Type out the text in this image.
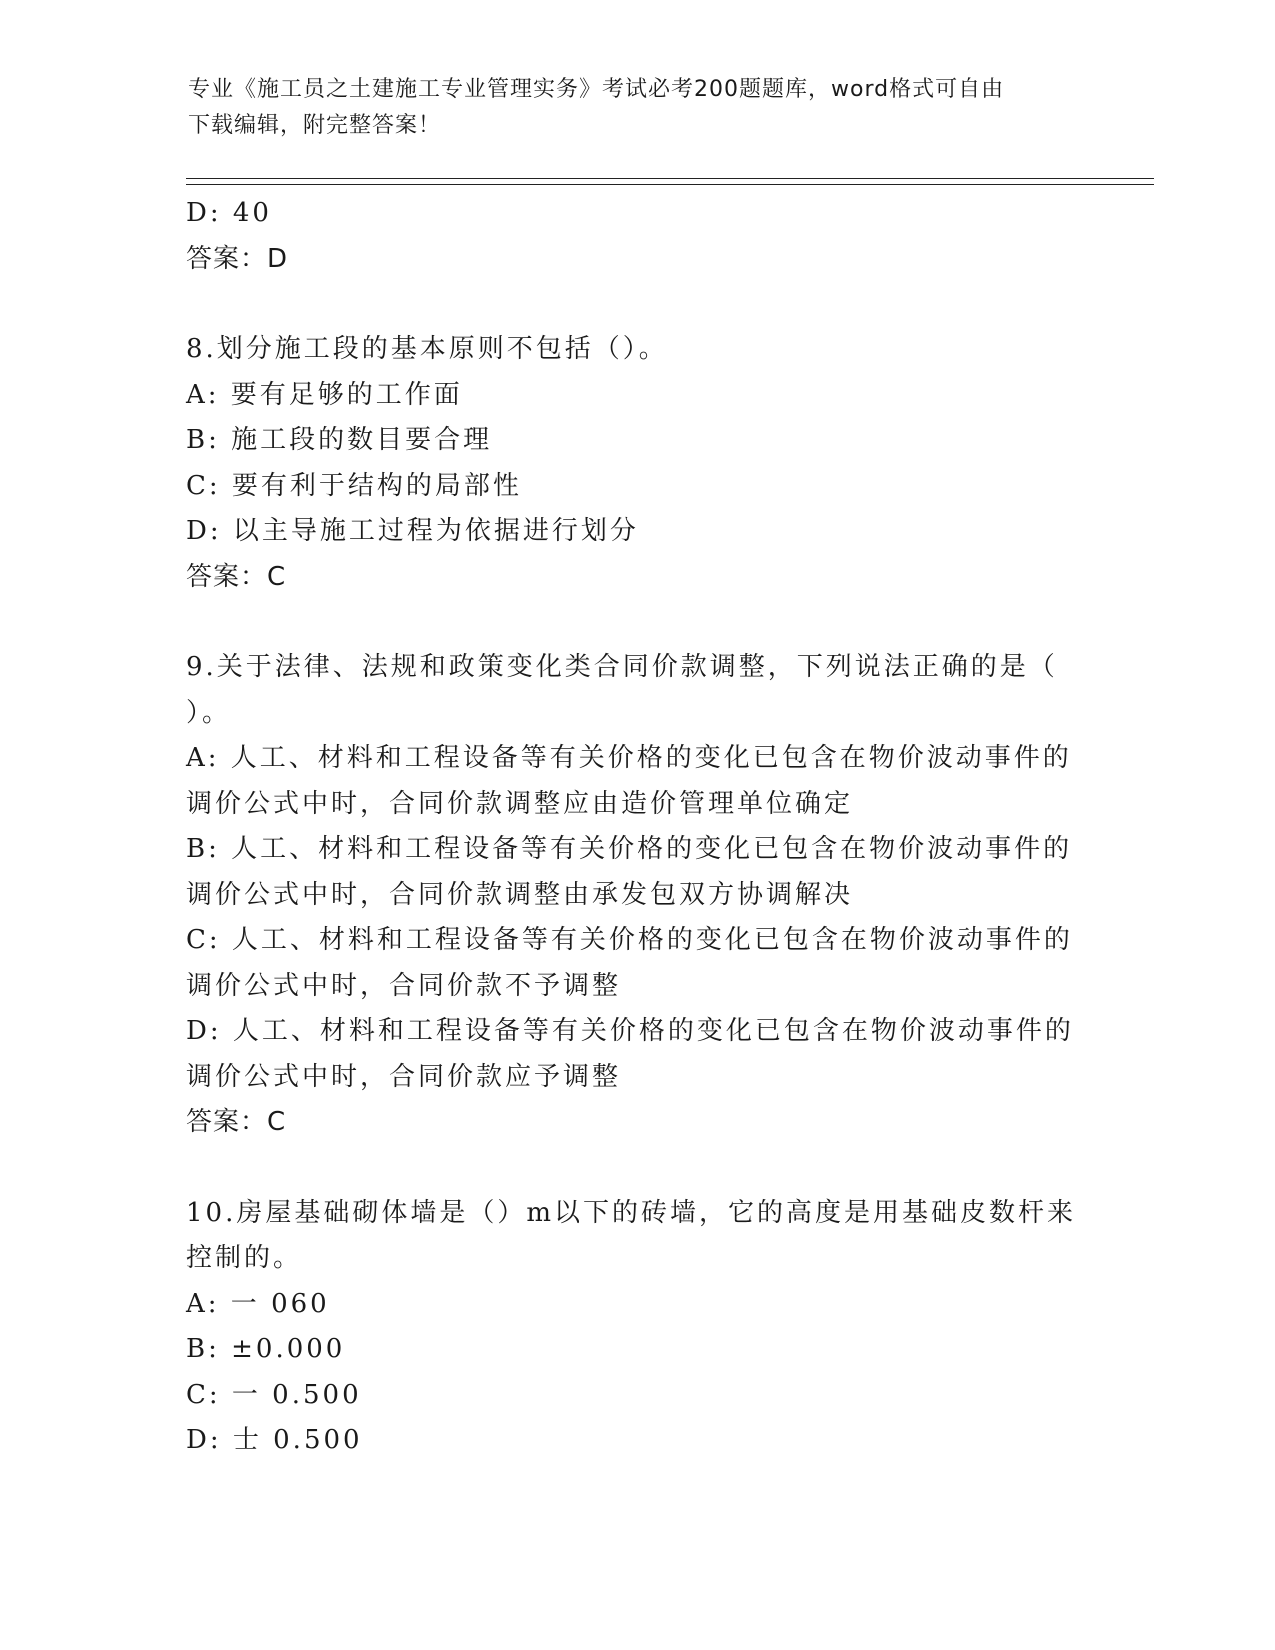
专业《施工员之土建施工专业管理实务》考试必考200题题库，word格式可自由
下载编辑，附完整答案！
D: 40
答案：D
8.划分施工段的基本原则不包括（）。
A: 要有足够的工作面
B: 施工段的数目要合理
C: 要有利于结构的局部性
D: 以主导施工过程为依据进行划分
答案：C
9.关于法律、法规和政策变化类合同价款调整，下列说法正确的是（
）。
A: 人工、材料和工程设备等有关价格的变化已包含在物价波动事件的
调价公式中时，合同价款调整应由造价管理单位确定
B: 人工、材料和工程设备等有关价格的变化已包含在物价波动事件的
调价公式中时，合同价款调整由承发包双方协调解决
C: 人工、材料和工程设备等有关价格的变化已包含在物价波动事件的
调价公式中时，合同价款不予调整
D: 人工、材料和工程设备等有关价格的变化已包含在物价波动事件的
调价公式中时，合同价款应予调整
答案：C
10.房屋基础砌体墙是（）m以下的砖墙，它的高度是用基础皮数杆来
控制的。
A: 一 060
B: ±0.000
C: 一 0.500
D: 士 0.500
